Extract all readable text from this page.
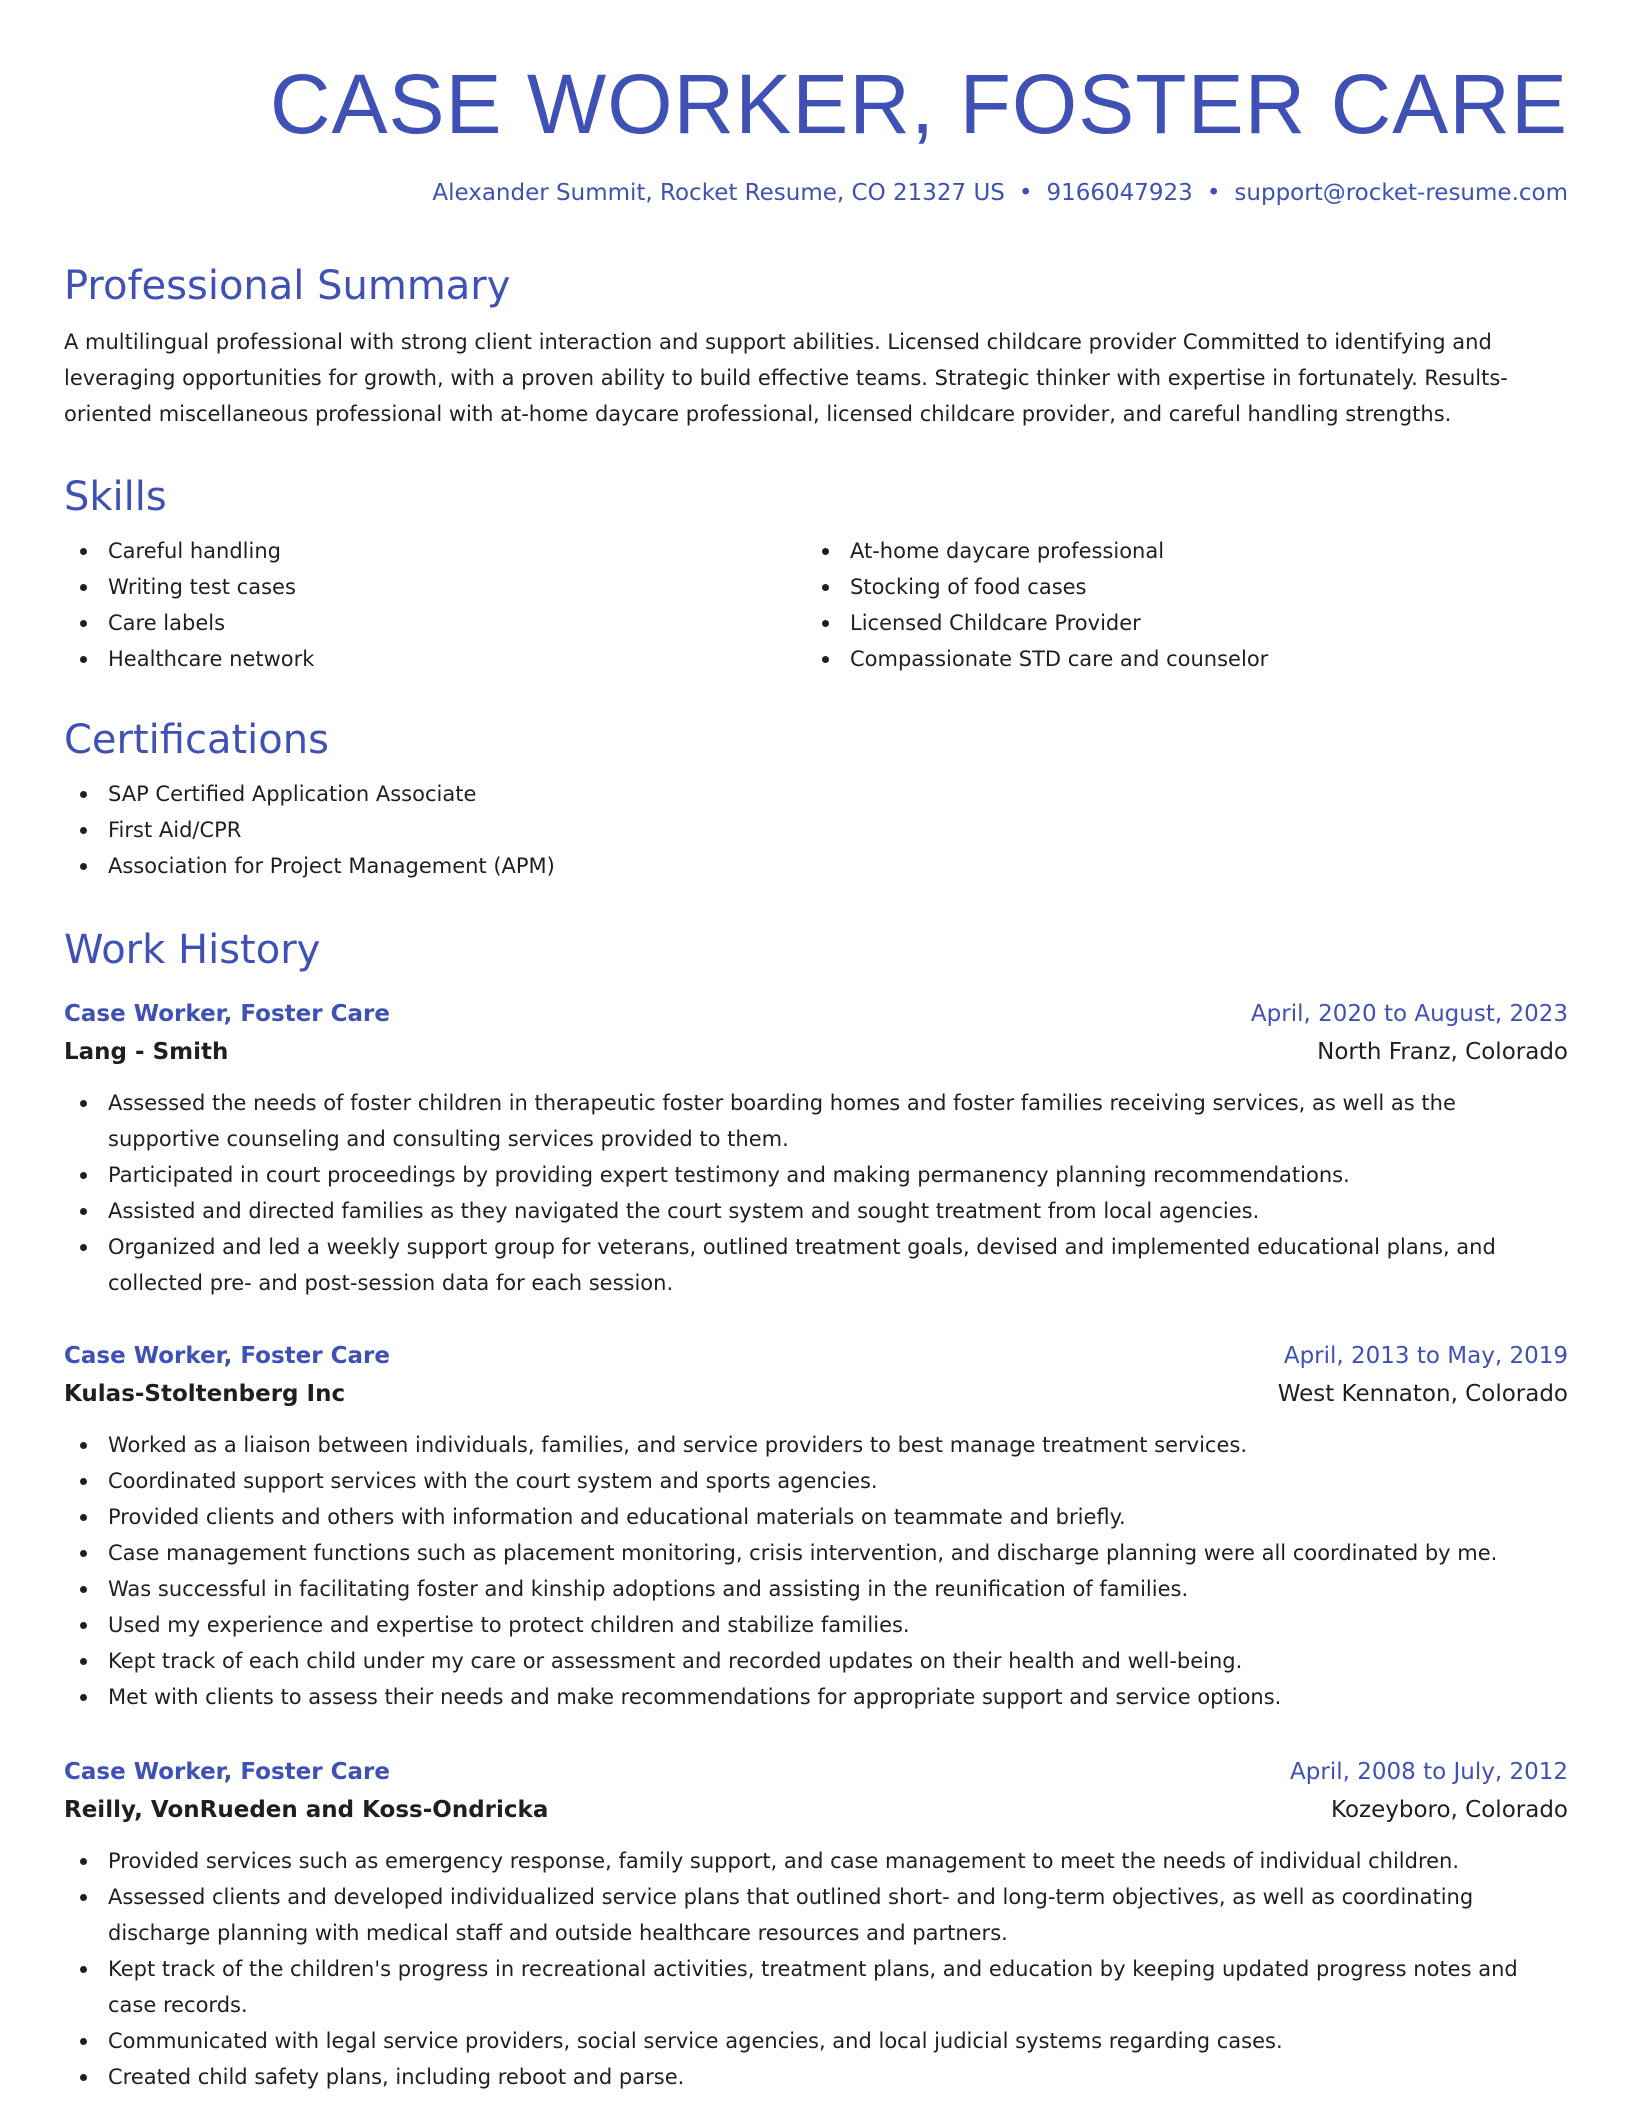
CASE WORKER, FOSTER CARE
Alexander Summit, Rocket Resume, CO 21327 US • 9166047923 • support@rocket-resume.com
Professional Summary

A multilingual professional with strong client interaction and support abilities. Licensed childcare provider Committed to identifying and leveraging opportunities for growth, with a proven ability to build effective teams. Strategic thinker with expertise in fortunately. Results-oriented miscellaneous professional with at-home daycare professional, licensed childcare provider, and careful handling strengths.

Skills
Careful handling
Writing test cases
Care labels
Healthcare network
At-home daycare professional
Stocking of food cases
Licensed Childcare Provider
Compassionate STD care and counselor
Certifications
SAP Certified Application Associate
First Aid/CPR
Association for Project Management (APM)
Work History
Case Worker, Foster Care	April, 2020 to August, 2023
Lang - Smith	North Franz, Colorado
Assessed the needs of foster children in therapeutic foster boarding homes and foster families receiving services, as well as the supportive counseling and consulting services provided to them.
Participated in court proceedings by providing expert testimony and making permanency planning recommendations.
Assisted and directed families as they navigated the court system and sought treatment from local agencies.
Organized and led a weekly support group for veterans, outlined treatment goals, devised and implemented educational plans, and collected pre- and post-session data for each session.
Case Worker, Foster Care	April, 2013 to May, 2019
Kulas-Stoltenberg Inc	West Kennaton, Colorado
Worked as a liaison between individuals, families, and service providers to best manage treatment services.
Coordinated support services with the court system and sports agencies.
Provided clients and others with information and educational materials on teammate and briefly.
Case management functions such as placement monitoring, crisis intervention, and discharge planning were all coordinated by me.
Was successful in facilitating foster and kinship adoptions and assisting in the reunification of families.
Used my experience and expertise to protect children and stabilize families.
Kept track of each child under my care or assessment and recorded updates on their health and well-being.
Met with clients to assess their needs and make recommendations for appropriate support and service options.
Case Worker, Foster Care	April, 2008 to July, 2012
Reilly, VonRueden and Koss-Ondricka	Kozeyboro, Colorado
Provided services such as emergency response, family support, and case management to meet the needs of individual children.
Assessed clients and developed individualized service plans that outlined short- and long-term objectives, as well as coordinating discharge planning with medical staff and outside healthcare resources and partners.
Kept track of the children's progress in recreational activities, treatment plans, and education by keeping updated progress notes and case records.
Communicated with legal service providers, social service agencies, and local judicial systems regarding cases.
Created child safety plans, including reboot and parse.
